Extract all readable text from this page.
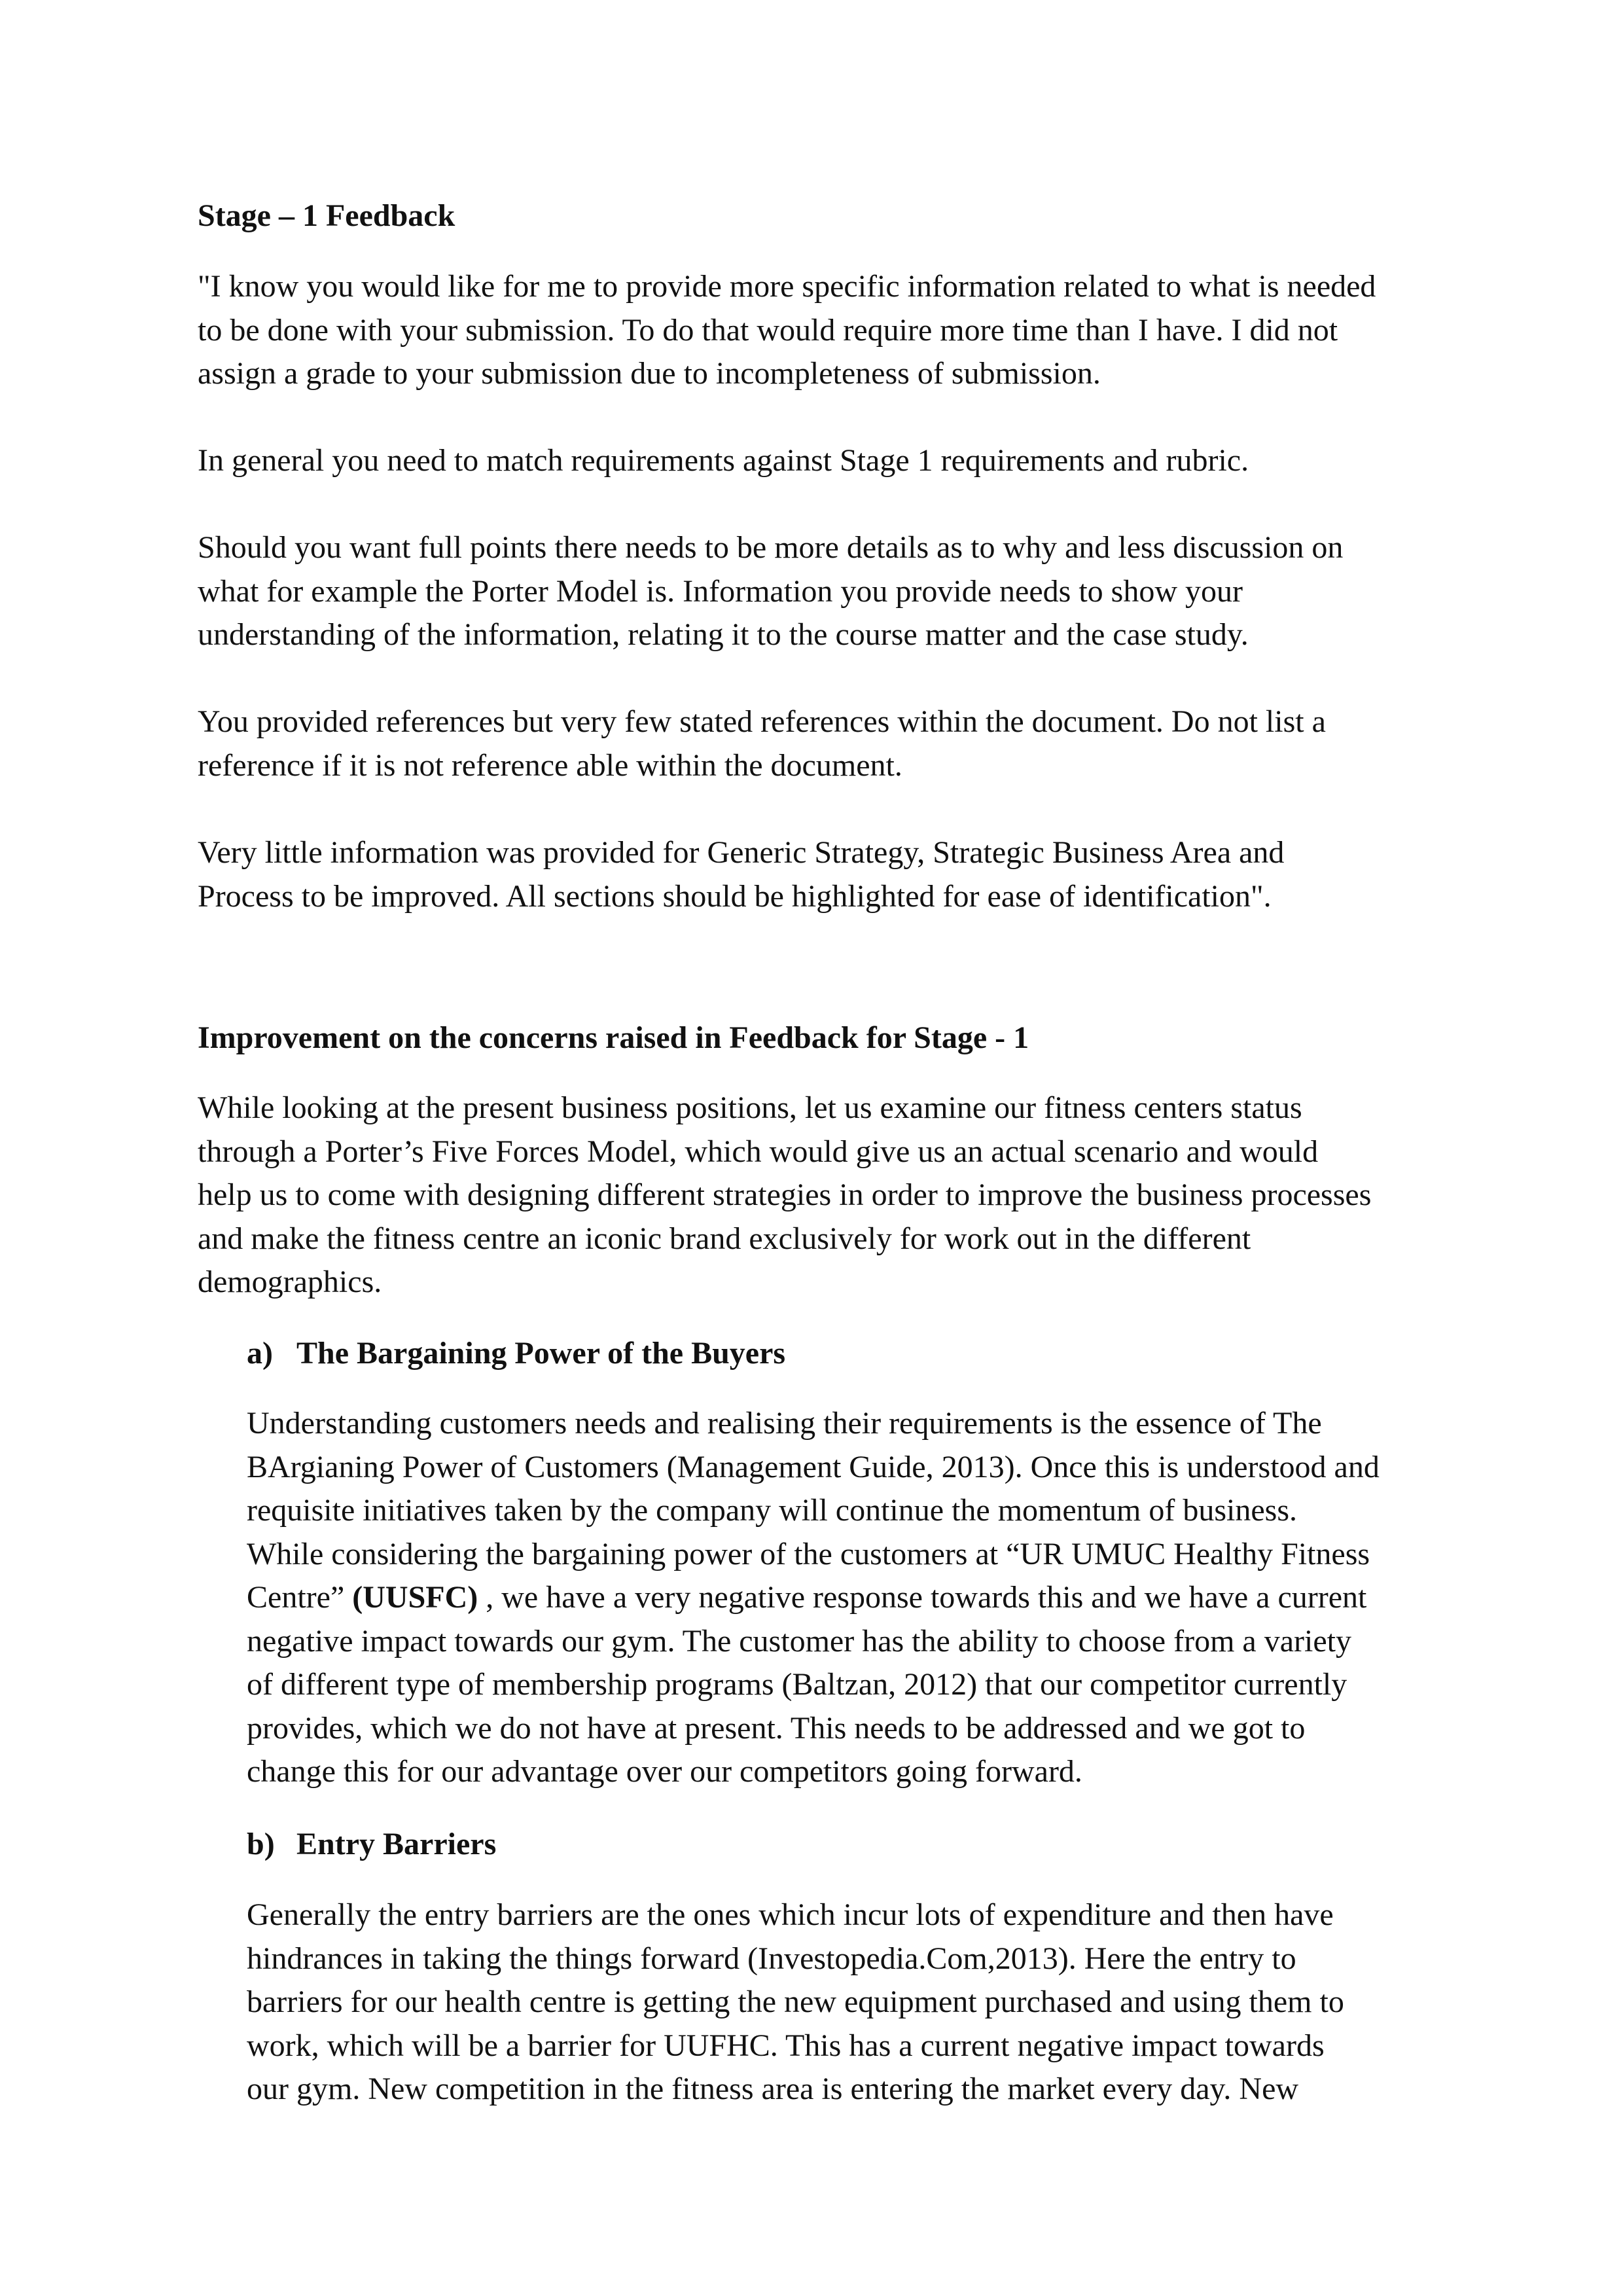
Stage – 1 Feedback

"I know you would like for me to provide more specific information related to what is needed
to be done with your submission. To do that would require more time than I have. I did not
assign a grade to your submission due to incompleteness of submission.

In general you need to match requirements against Stage 1 requirements and rubric.

Should you want full points there needs to be more details as to why and less discussion on
what for example the Porter Model is. Information you provide needs to show your
understanding of the information, relating it to the course matter and the case study.

You provided references but very few stated references within the document. Do not list a
reference if it is not reference able within the document.

Very little information was provided for Generic Strategy, Strategic Business Area and
Process to be improved. All sections should be highlighted for ease of identification".

Improvement on the concerns raised in Feedback for Stage - 1

While looking at the present business positions, let us examine our fitness centers status
through a Porter’s Five Forces Model, which would give us an actual scenario and would
help us to come with designing different strategies in order to improve the business processes
and make the fitness centre an iconic brand exclusively for work out in the different
demographics.

a) The Bargaining Power of the Buyers

Understanding customers needs and realising their requirements is the essence of The
BArgianing Power of Customers (Management Guide, 2013). Once this is understood and
requisite initiatives taken by the company will continue the momentum of business.
While considering the bargaining power of the customers at “UR UMUC Healthy Fitness
Centre” (UUSFC) , we have a very negative response towards this and we have a current
negative impact towards our gym. The customer has the ability to choose from a variety
of different type of membership programs (Baltzan, 2012) that our competitor currently
provides, which we do not have at present. This needs to be addressed and we got to
change this for our advantage over our competitors going forward.

b) Entry Barriers

Generally the entry barriers are the ones which incur lots of expenditure and then have
hindrances in taking the things forward (Investopedia.Com,2013). Here the entry to
barriers for our health centre is getting the new equipment purchased and using them to
work, which will be a barrier for UUFHC. This has a current negative impact towards
our gym. New competition in the fitness area is entering the market every day. New
